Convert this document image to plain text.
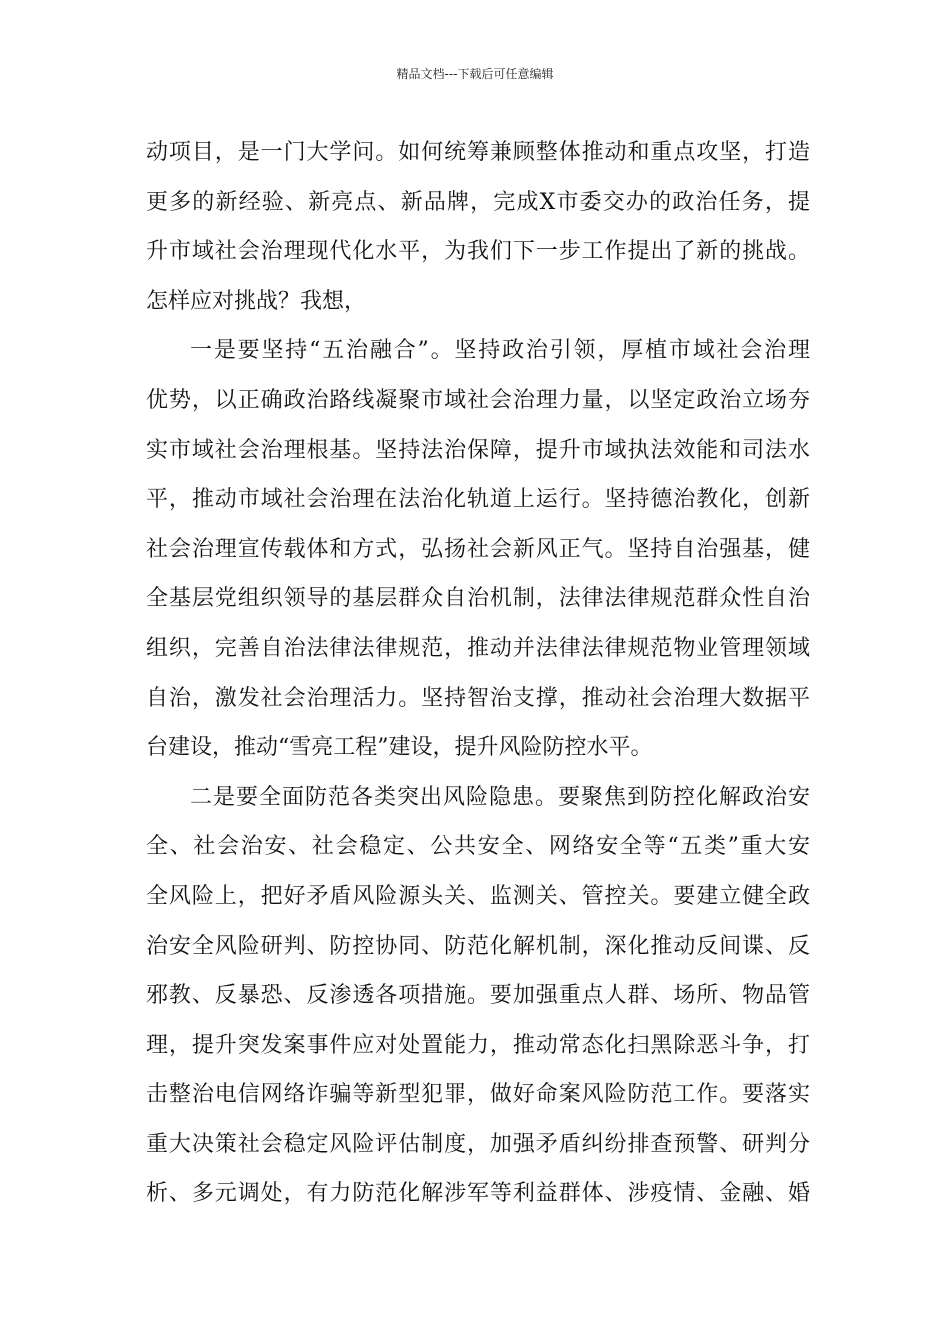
精品文档---下载后可任意编辑
动项目，是一门大学问。如何统筹兼顾整体推动和重点攻坚，打造
更多的新经验、新亮点、新品牌，完成X市委交办的政治任务，提
升市域社会治理现代化水平，为我们下一步工作提出了新的挑战。
怎样应对挑战？我想，
一是要坚持“五治融合”。坚持政治引领，厚植市域社会治理
优势，以正确政治路线凝聚市域社会治理力量，以坚定政治立场夯
实市域社会治理根基。坚持法治保障，提升市域执法效能和司法水
平，推动市域社会治理在法治化轨道上运行。坚持德治教化，创新
社会治理宣传载体和方式，弘扬社会新风正气。坚持自治强基，健
全基层党组织领导的基层群众自治机制，法律法律规范群众性自治
组织，完善自治法律法律规范，推动并法律法律规范物业管理领域
自治，激发社会治理活力。坚持智治支撑，推动社会治理大数据平
台建设，推动“雪亮工程”建设，提升风险防控水平。
二是要全面防范各类突出风险隐患。要聚焦到防控化解政治安
全、社会治安、社会稳定、公共安全、网络安全等“五类”重大安
全风险上，把好矛盾风险源头关、监测关、管控关。要建立健全政
治安全风险研判、防控协同、防范化解机制，深化推动反间谍、反
邪教、反暴恐、反渗透各项措施。要加强重点人群、场所、物品管
理，提升突发案事件应对处置能力，推动常态化扫黑除恶斗争，打
击整治电信网络诈骗等新型犯罪，做好命案风险防范工作。要落实
重大决策社会稳定风险评估制度，加强矛盾纠纷排查预警、研判分
析、多元调处，有力防范化解涉军等利益群体、涉疫情、金融、婚
